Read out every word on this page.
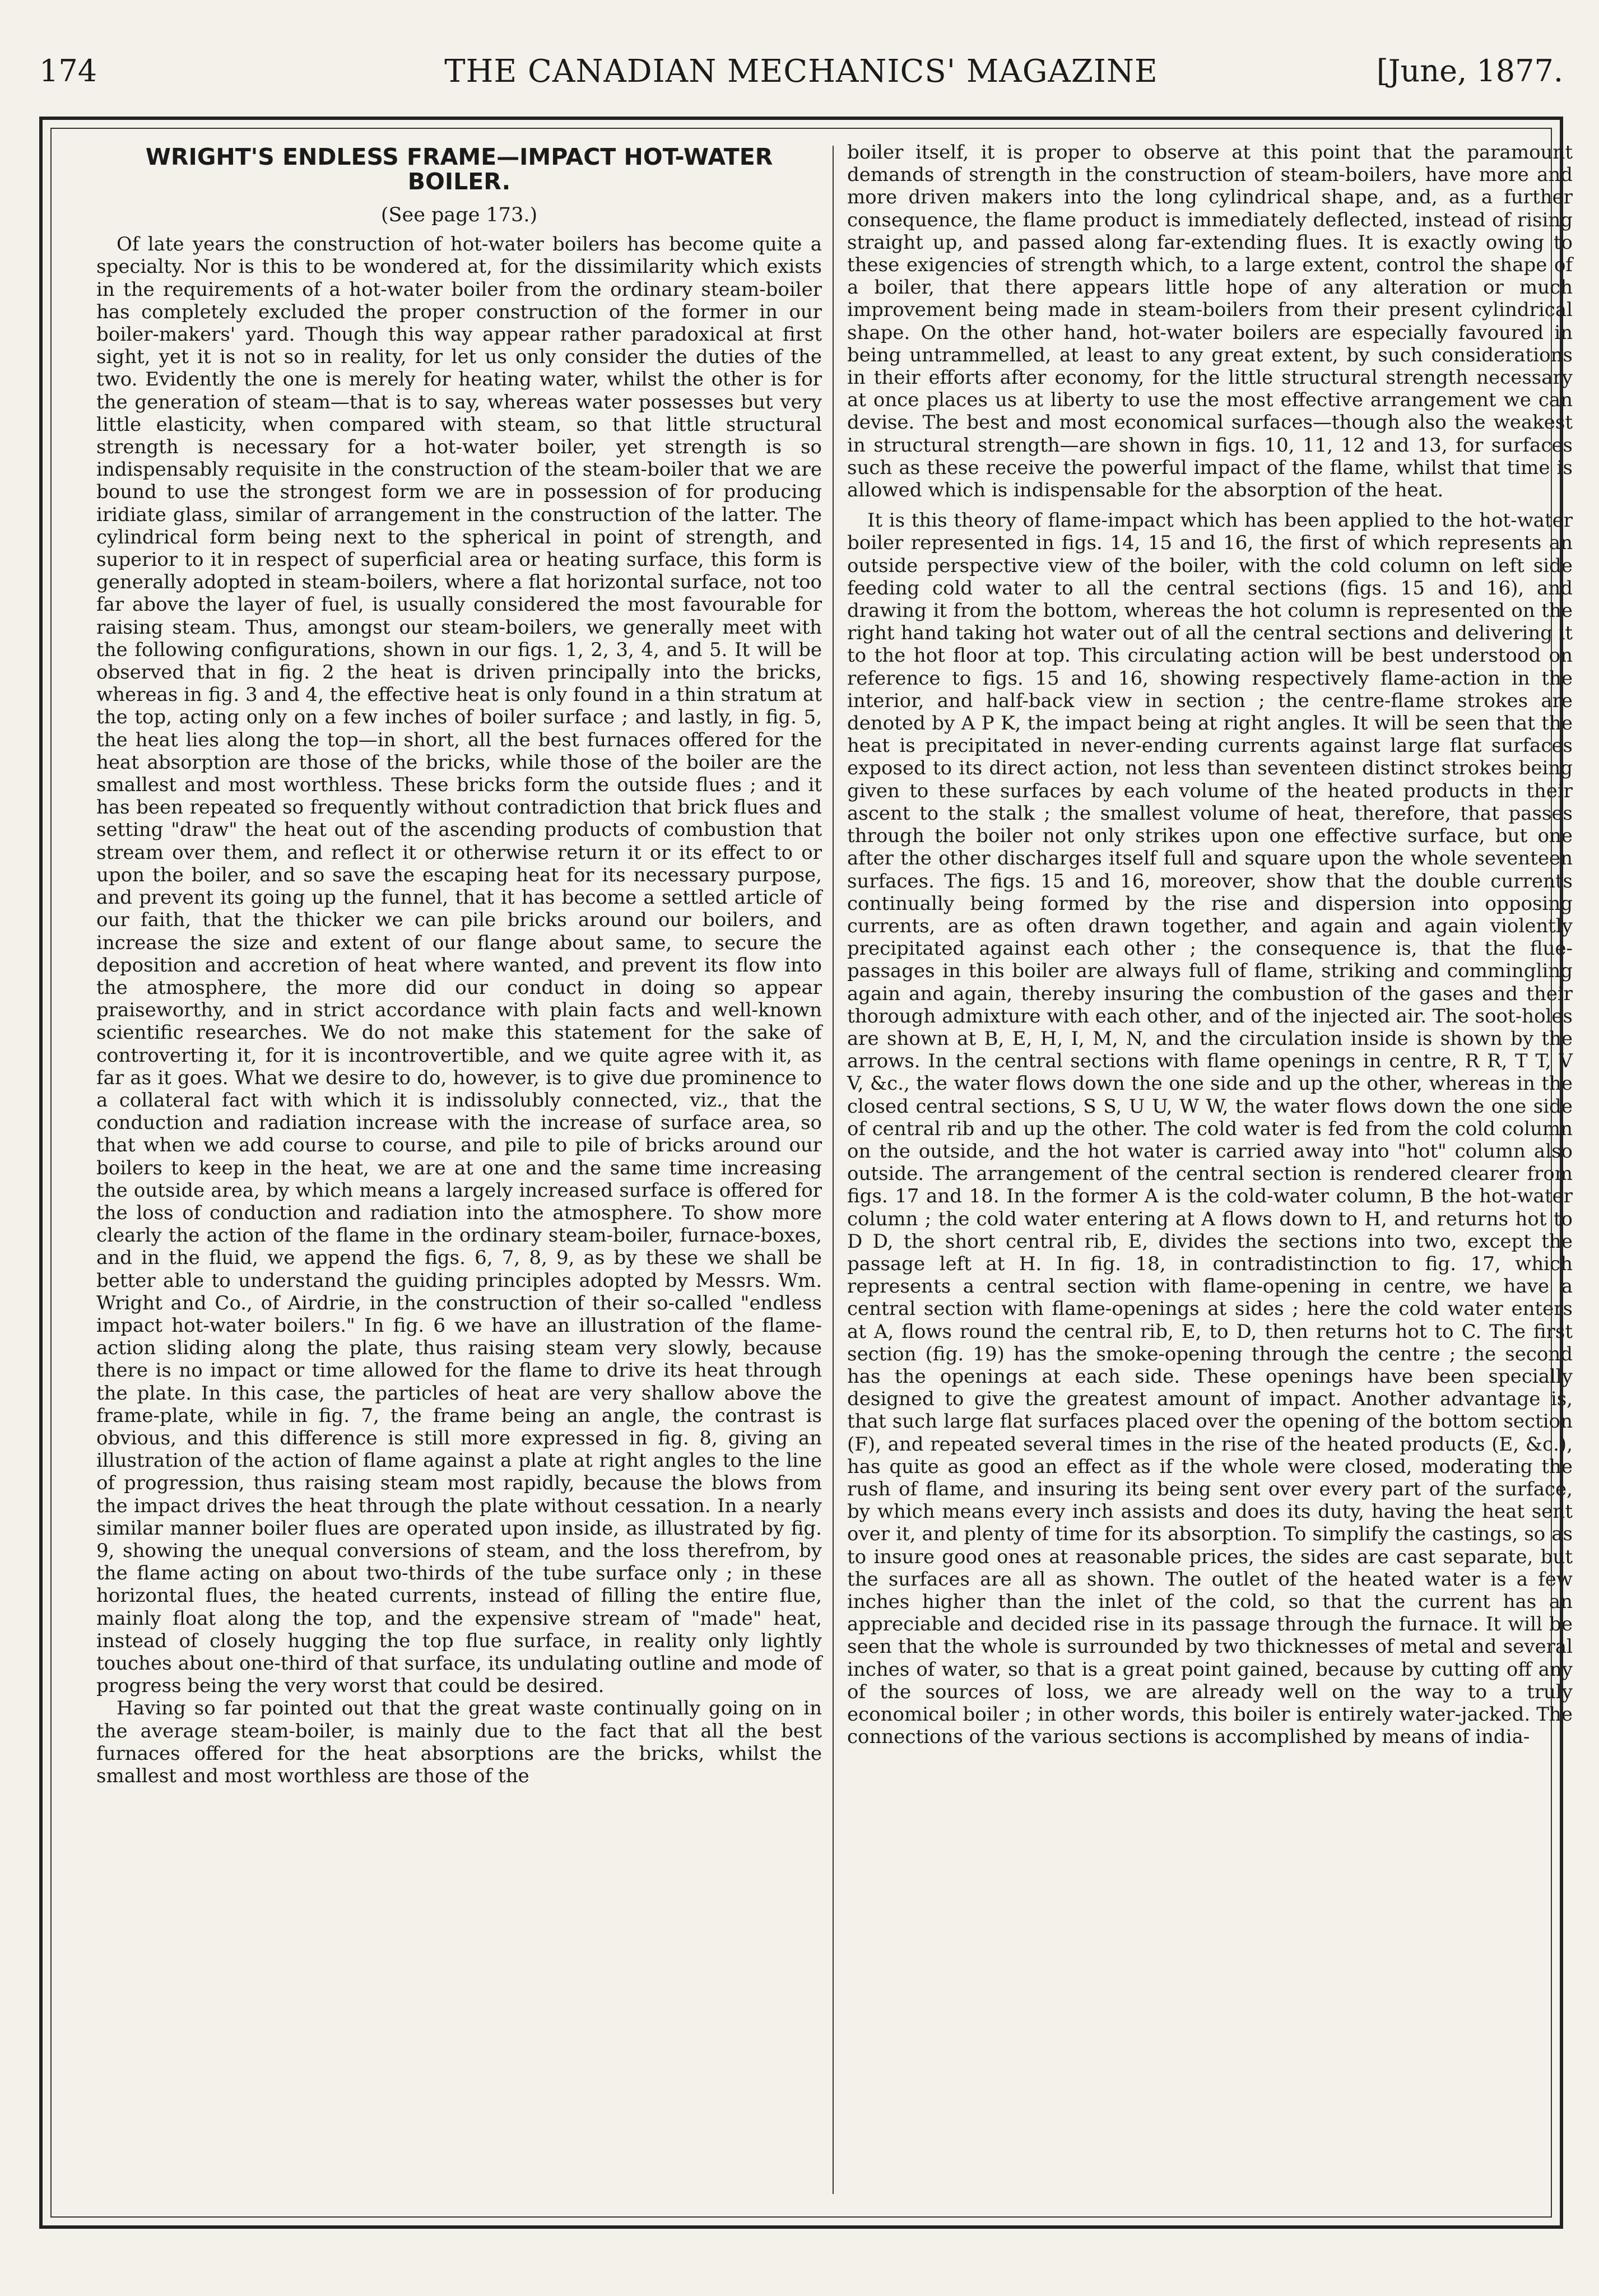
174	THE CANADIAN MECHANICS' MAGAZINE	[June, 1877.
WRIGHT'S ENDLESS FRAME—IMPACT HOT-WATER BOILER.
(See page 173.)

Of late years the construction of hot-water boilers has become quite a specialty. Nor is this to be wondered at, for the dissimilarity which exists in the requirements of a hot-water boiler from the ordinary steam-boiler has completely excluded the proper construction of the former in our boiler-makers' yard. Though this way appear rather paradoxical at first sight, yet it is not so in reality, for let us only consider the duties of the two. Evidently the one is merely for heating water, whilst the other is for the generation of steam—that is to say, whereas water possesses but very little elasticity, when compared with steam, so that little structural strength is necessary for a hot-water boiler, yet strength is so indispensably requisite in the construction of the steam-boiler that we are bound to use the strongest form we are in possession of for producing iridiate glass, similar of arrangement in the construction of the latter. The cylindrical form being next to the spherical in point of strength, and superior to it in respect of superficial area or heating surface, this form is generally adopted in steam-boilers, where a flat horizontal surface, not too far above the layer of fuel, is usually considered the most favourable for raising steam. Thus, amongst our steam-boilers, we generally meet with the following configurations, shown in our figs. 1, 2, 3, 4, and 5. It will be observed that in fig. 2 the heat is driven principally into the bricks, whereas in fig. 3 and 4, the effective heat is only found in a thin stratum at the top, acting only on a few inches of boiler surface ; and lastly, in fig. 5, the heat lies along the top—in short, all the best furnaces offered for the heat absorption are those of the bricks, while those of the boiler are the smallest and most worthless. These bricks form the outside flues ; and it has been repeated so frequently without contradiction that brick flues and setting "draw" the heat out of the ascending products of combustion that stream over them, and reflect it or otherwise return it or its effect to or upon the boiler, and so save the escaping heat for its necessary purpose, and prevent its going up the funnel, that it has become a settled article of our faith, that the thicker we can pile bricks around our boilers, and increase the size and extent of our flange about same, to secure the deposition and accretion of heat where wanted, and prevent its flow into the atmosphere, the more did our conduct in doing so appear praiseworthy, and in strict accordance with plain facts and well-known scientific researches. We do not make this statement for the sake of controverting it, for it is incontrovertible, and we quite agree with it, as far as it goes. What we desire to do, however, is to give due prominence to a collateral fact with which it is indissolubly connected, viz., that the conduction and radiation increase with the increase of surface area, so that when we add course to course, and pile to pile of bricks around our boilers to keep in the heat, we are at one and the same time increasing the outside area, by which means a largely increased surface is offered for the loss of conduction and radiation into the atmosphere. To show more clearly the action of the flame in the ordinary steam-boiler, furnace-boxes, and in the fluid, we append the figs. 6, 7, 8, 9, as by these we shall be better able to understand the guiding principles adopted by Messrs. Wm. Wright and Co., of Airdrie, in the construction of their so-called "endless impact hot-water boilers." In fig. 6 we have an illustration of the flame-action sliding along the plate, thus raising steam very slowly, because there is no impact or time allowed for the flame to drive its heat through the plate. In this case, the particles of heat are very shallow above the frame-plate, while in fig. 7, the frame being an angle, the contrast is obvious, and this difference is still more expressed in fig. 8, giving an illustration of the action of flame against a plate at right angles to the line of progression, thus raising steam most rapidly, because the blows from the impact drives the heat through the plate without cessation. In a nearly similar manner boiler flues are operated upon inside, as illustrated by fig. 9, showing the unequal conversions of steam, and the loss therefrom, by the flame acting on about two-thirds of the tube surface only ; in these horizontal flues, the heated currents, instead of filling the entire flue, mainly float along the top, and the expensive stream of "made" heat, instead of closely hugging the top flue surface, in reality only lightly touches about one-third of that surface, its undulating outline and mode of progress being the very worst that could be desired.

Having so far pointed out that the great waste continually going on in the average steam-boiler, is mainly due to the fact that all the best furnaces offered for the heat absorptions are the bricks, whilst the smallest and most worthless are those of the

boiler itself, it is proper to observe at this point that the paramount demands of strength in the construction of steam-boilers, have more and more driven makers into the long cylindrical shape, and, as a further consequence, the flame product is immediately deflected, instead of rising straight up, and passed along far-extending flues. It is exactly owing to these exigencies of strength which, to a large extent, control the shape of a boiler, that there appears little hope of any alteration or much improvement being made in steam-boilers from their present cylindrical shape. On the other hand, hot-water boilers are especially favoured in being untrammelled, at least to any great extent, by such considerations in their efforts after economy, for the little structural strength necessary at once places us at liberty to use the most effective arrangement we can devise. The best and most economical surfaces—though also the weakest in structural strength—are shown in figs. 10, 11, 12 and 13, for surfaces such as these receive the powerful impact of the flame, whilst that time is allowed which is indispensable for the absorption of the heat.

It is this theory of flame-impact which has been applied to the hot-water boiler represented in figs. 14, 15 and 16, the first of which represents an outside perspective view of the boiler, with the cold column on left side feeding cold water to all the central sections (figs. 15 and 16), and drawing it from the bottom, whereas the hot column is represented on the right hand taking hot water out of all the central sections and delivering it to the hot floor at top. This circulating action will be best understood on reference to figs. 15 and 16, showing respectively flame-action in the interior, and half-back view in section ; the centre-flame strokes are denoted by A P K, the impact being at right angles. It will be seen that the heat is precipitated in never-ending currents against large flat surfaces exposed to its direct action, not less than seventeen distinct strokes being given to these surfaces by each volume of the heated products in their ascent to the stalk ; the smallest volume of heat, therefore, that passes through the boiler not only strikes upon one effective surface, but one after the other discharges itself full and square upon the whole seventeen surfaces. The figs. 15 and 16, moreover, show that the double currents continually being formed by the rise and dispersion into opposing currents, are as often drawn together, and again and again violently precipitated against each other ; the consequence is, that the flue-passages in this boiler are always full of flame, striking and commingling again and again, thereby insuring the combustion of the gases and their thorough admixture with each other, and of the injected air. The soot-holes are shown at B, E, H, I, M, N, and the circulation inside is shown by the arrows. In the central sections with flame openings in centre, R R, T T, V V, &c., the water flows down the one side and up the other, whereas in the closed central sections, S S, U U, W W, the water flows down the one side of central rib and up the other. The cold water is fed from the cold column on the outside, and the hot water is carried away into "hot" column also outside. The arrangement of the central section is rendered clearer from figs. 17 and 18. In the former A is the cold-water column, B the hot-water column ; the cold water entering at A flows down to H, and returns hot to D D, the short central rib, E, divides the sections into two, except the passage left at H. In fig. 18, in contradistinction to fig. 17, which represents a central section with flame-opening in centre, we have a central section with flame-openings at sides ; here the cold water enters at A, flows round the central rib, E, to D, then returns hot to C. The first section (fig. 19) has the smoke-opening through the centre ; the second has the openings at each side. These openings have been specially designed to give the greatest amount of impact. Another advantage is, that such large flat surfaces placed over the opening of the bottom section (F), and repeated several times in the rise of the heated products (E, &c.), has quite as good an effect as if the whole were closed, moderating the rush of flame, and insuring its being sent over every part of the surface, by which means every inch assists and does its duty, having the heat sent over it, and plenty of time for its absorption. To simplify the castings, so as to insure good ones at reasonable prices, the sides are cast separate, but the surfaces are all as shown. The outlet of the heated water is a few inches higher than the inlet of the cold, so that the current has an appreciable and decided rise in its passage through the furnace. It will be seen that the whole is surrounded by two thicknesses of metal and several inches of water, so that is a great point gained, because by cutting off any of the sources of loss, we are already well on the way to a truly economical boiler ; in other words, this boiler is entirely water-jacked. The connections of the various sections is accomplished by means of india-
